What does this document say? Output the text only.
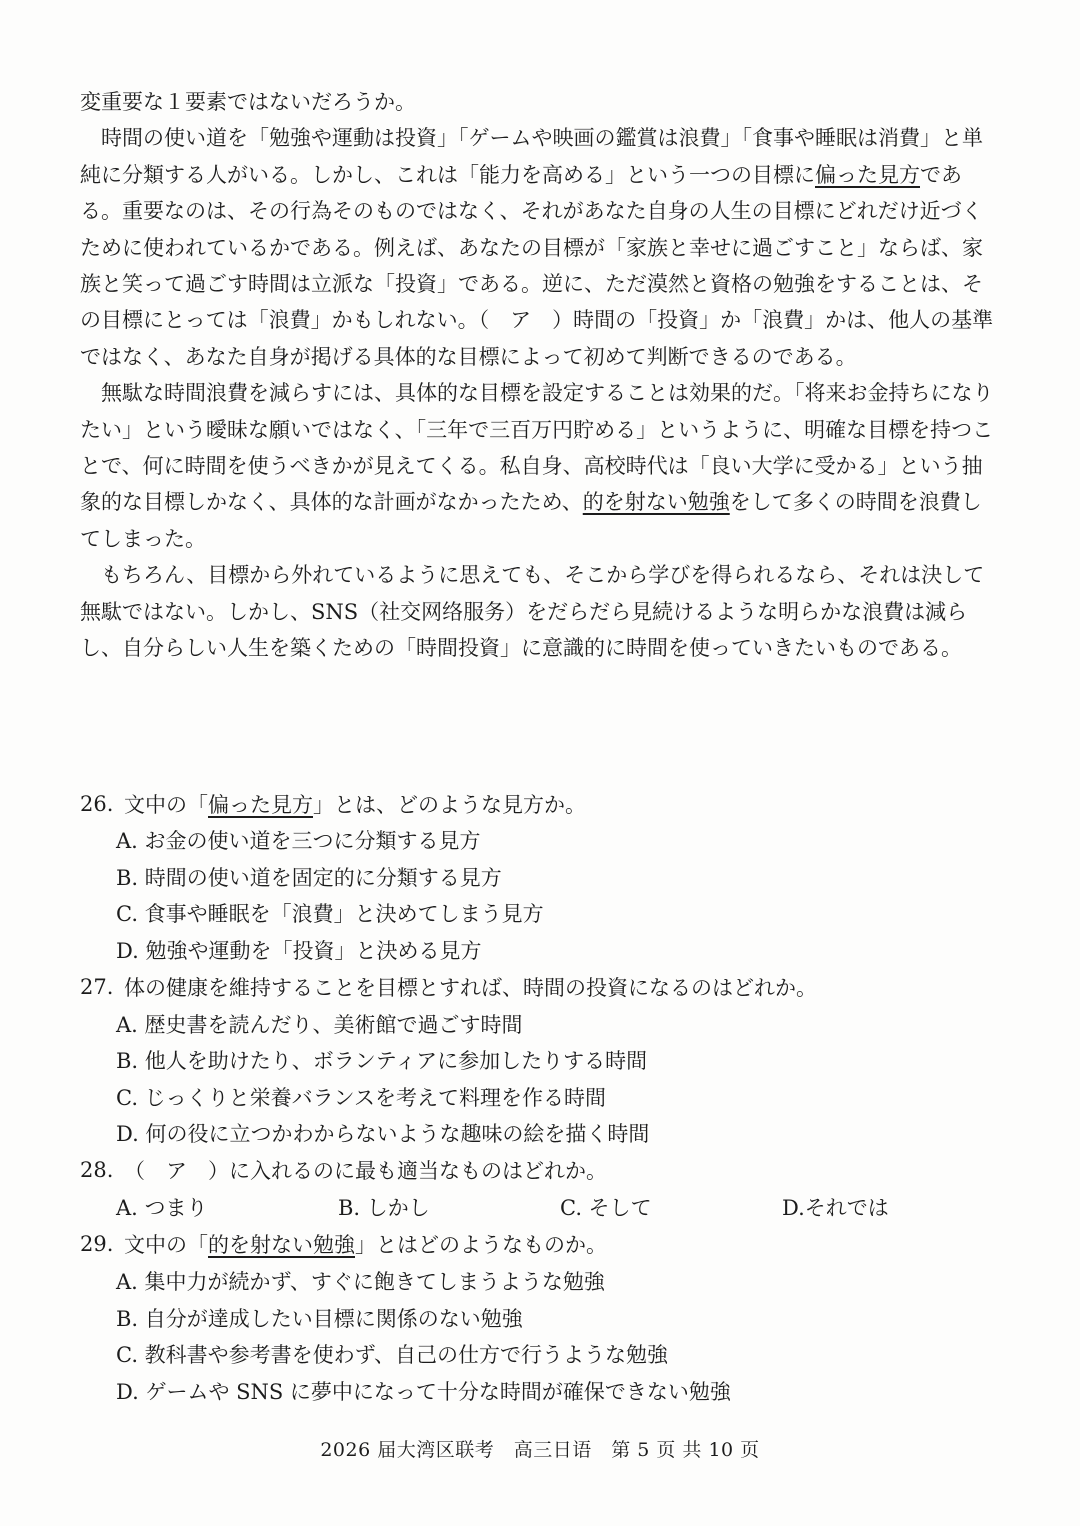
変重要な１要素ではないだろうか。

時間の使い道を「勉強や運動は投資」「ゲームや映画の鑑賞は浪費」「食事や睡眠は消費」と単純に分類する人がいる。しかし、これは「能力を高める」という一つの目標に偏った見方である。重要なのは、その行為そのものではなく、それがあなた自身の人生の目標にどれだけ近づくために使われているかである。例えば、あなたの目標が「家族と幸せに過ごすこと」ならば、家族と笑って過ごす時間は立派な「投資」である。逆に、ただ漠然と資格の勉強をすることは、その目標にとっては「浪費」かもしれない。（　ア　）時間の「投資」か「浪費」かは、他人の基準ではなく、あなた自身が掲げる具体的な目標によって初めて判断できるのである。

無駄な時間浪費を減らすには、具体的な目標を設定することは効果的だ。「将来お金持ちになりたい」という曖昧な願いではなく、「三年で三百万円貯める」というように、明確な目標を持つことで、何に時間を使うべきかが見えてくる。私自身、高校時代は「良い大学に受かる」という抽象的な目標しかなく、具体的な計画がなかったため、的を射ない勉強をして多くの時間を浪費してしまった。

もちろん、目標から外れているように思えても、そこから学びを得られるなら、それは決して無駄ではない。しかし、SNS（社交网络服务）をだらだら見続けるような明らかな浪費は減らし、自分らしい人生を築くための「時間投資」に意識的に時間を使っていきたいものである。

26. 文中の「偏った見方」とは、どのような見方か。
A. お金の使い道を三つに分類する見方
B. 時間の使い道を固定的に分類する見方
C. 食事や睡眠を「浪費」と決めてしまう見方
D. 勉強や運動を「投資」と決める見方
27. 体の健康を維持することを目標とすれば、時間の投資になるのはどれか。
A. 歴史書を読んだり、美術館で過ごす時間
B. 他人を助けたり、ボランティアに参加したりする時間
C. じっくりと栄養バランスを考えて料理を作る時間
D. 何の役に立つかわからないような趣味の絵を描く時間
28. （　ア　）に入れるのに最も適当なものはどれか。
A. つまり	B. しかし	C. そして	D.それでは
29. 文中の「的を射ない勉強」とはどのようなものか。
A. 集中力が続かず、すぐに飽きてしまうような勉強
B. 自分が達成したい目標に関係のない勉強
C. 教科書や参考書を使わず、自己の仕方で行うような勉強
D. ゲームや SNS に夢中になって十分な時間が確保できない勉強
2026 届大湾区联考　高三日语　第 5 页 共 10 页
